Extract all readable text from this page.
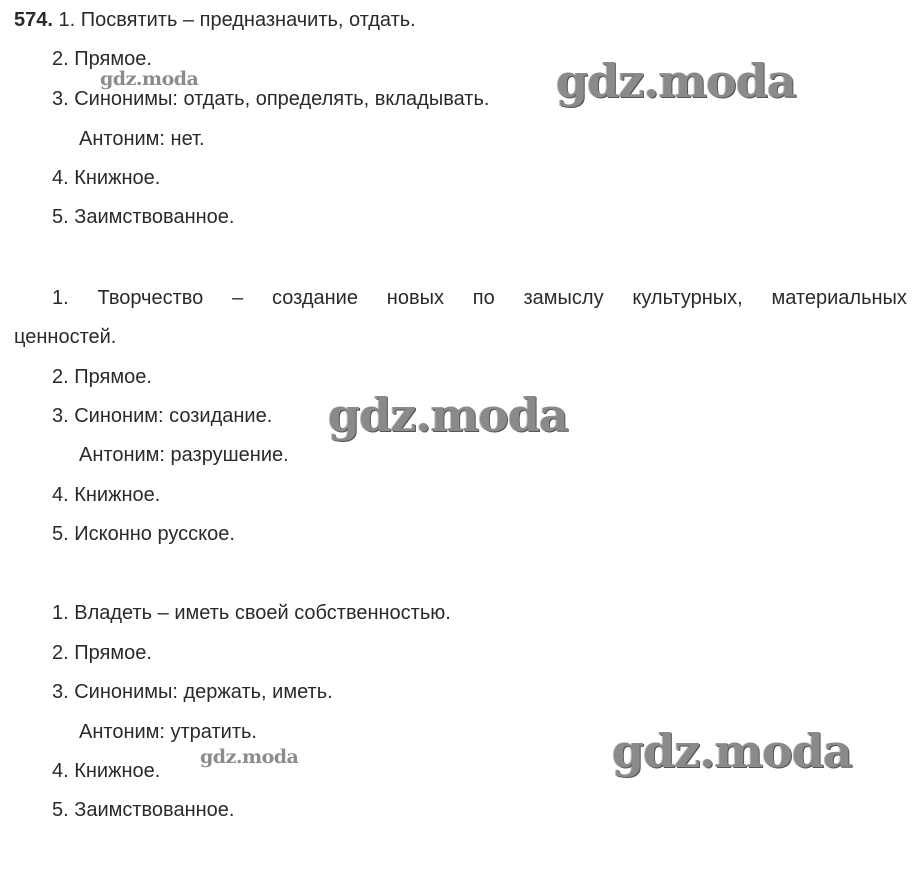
574. 1. Посвятить – предназначить, отдать.
2. Прямое.
3. Синонимы: отдать, определять, вкладывать.
Антоним: нет.
4. Книжное.
5. Заимствованное.
1. Творчество – создание новых по замыслу культурных, материальных
ценностей.
2. Прямое.
3. Синоним: созидание.
Антоним: разрушение.
4. Книжное.
5. Исконно русское.
1. Владеть – иметь своей собственностью.
2. Прямое.
3. Синонимы: держать, иметь.
Антоним: утратить.
4. Книжное.
5. Заимствованное.
gdz.moda	gdz.moda
gdz.moda
gdz.moda
gdz.moda
